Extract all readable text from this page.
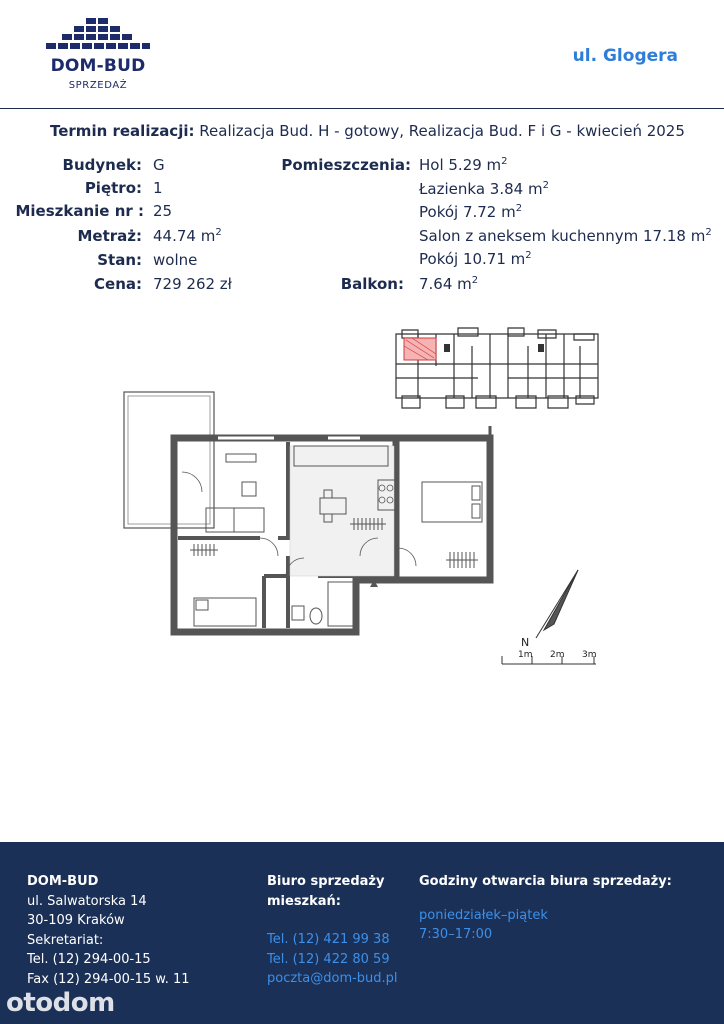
DOM-BUD
SPRZEDAŻ
ul. Glogera
Termin realizacji: Realizacja Bud. H - gotowy, Realizacja Bud. F i G - kwiecień 2025
Budynek: G
Piętro: 1
Mieszkanie nr : 25
Metraż: 44.74 $m^2$
Stan: wolne
Cena: 729 262 zł
Pomieszczenia: Hol 5.29 $m^2$
Łazienka 3.84 $m^2$
Pokój 7.72 $m^2$
Salon z aneksem kuchennym 17.18 $m^2$
Pokój 10.71 $m^2$
Balkon: 7.64 $m^2$
N
1m 2m 3m
DOM-BUD
ul. Salwatorska 14
30-109 Kraków
Sekretariat:
Tel. (12) 294-00-15
Fax (12) 294-00-15 w. 11
Biuro sprzedaży
mieszkań:
Tel. (12) 421 99 38
Tel. (12) 422 80 59
poczta@dom-bud.pl
Godziny otwarcia biura sprzedaży:
poniedziałek–piątek
7:30–17:00
otodom
